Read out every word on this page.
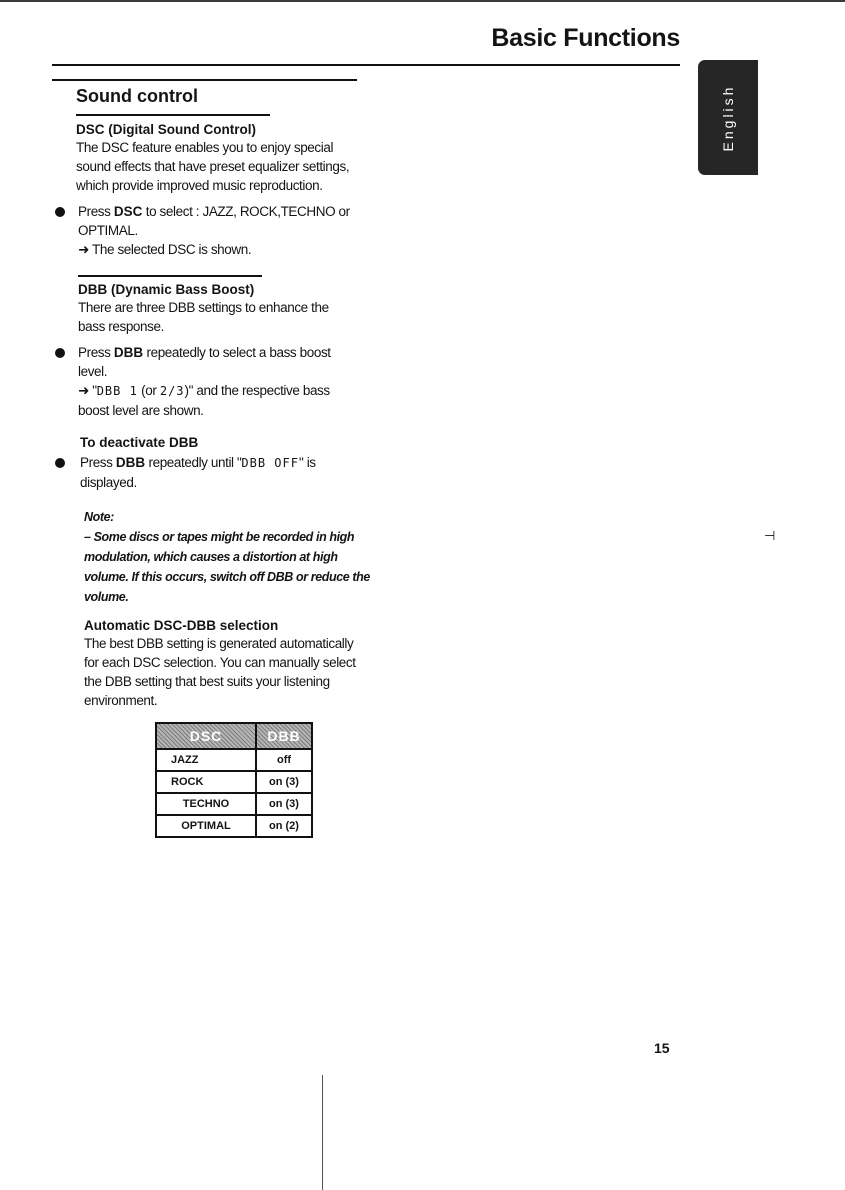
Basic Functions
English
Sound control
DSC (Digital Sound Control)
The DSC feature enables you to enjoy special
sound effects that have preset equalizer settings,
which provide improved music reproduction.
Press DSC to select : JAZZ, ROCK,TECHNO or
OPTIMAL.
➜ The selected DSC is shown.
DBB (Dynamic Bass Boost)
There are three DBB settings to enhance the
bass response.
Press DBB repeatedly to select a bass boost
level.
➜ "DBB 1 (or 2/3)" and the respective bass
boost level are shown.
To deactivate DBB
Press DBB repeatedly until "DBB OFF" is
displayed.
Note:
– Some discs or tapes might be recorded in high
modulation, which causes a distortion at high
volume. If this occurs, switch off DBB or reduce the
volume.
Automatic DSC-DBB selection
The best DBB setting is generated automatically
for each DSC selection. You can manually select
the DBB setting that best suits your listening
environment.
DSC	DBB
JAZZ	off
ROCK	on (3)
TECHNO	on (3)
OPTIMAL	on (2)
15
⊣
